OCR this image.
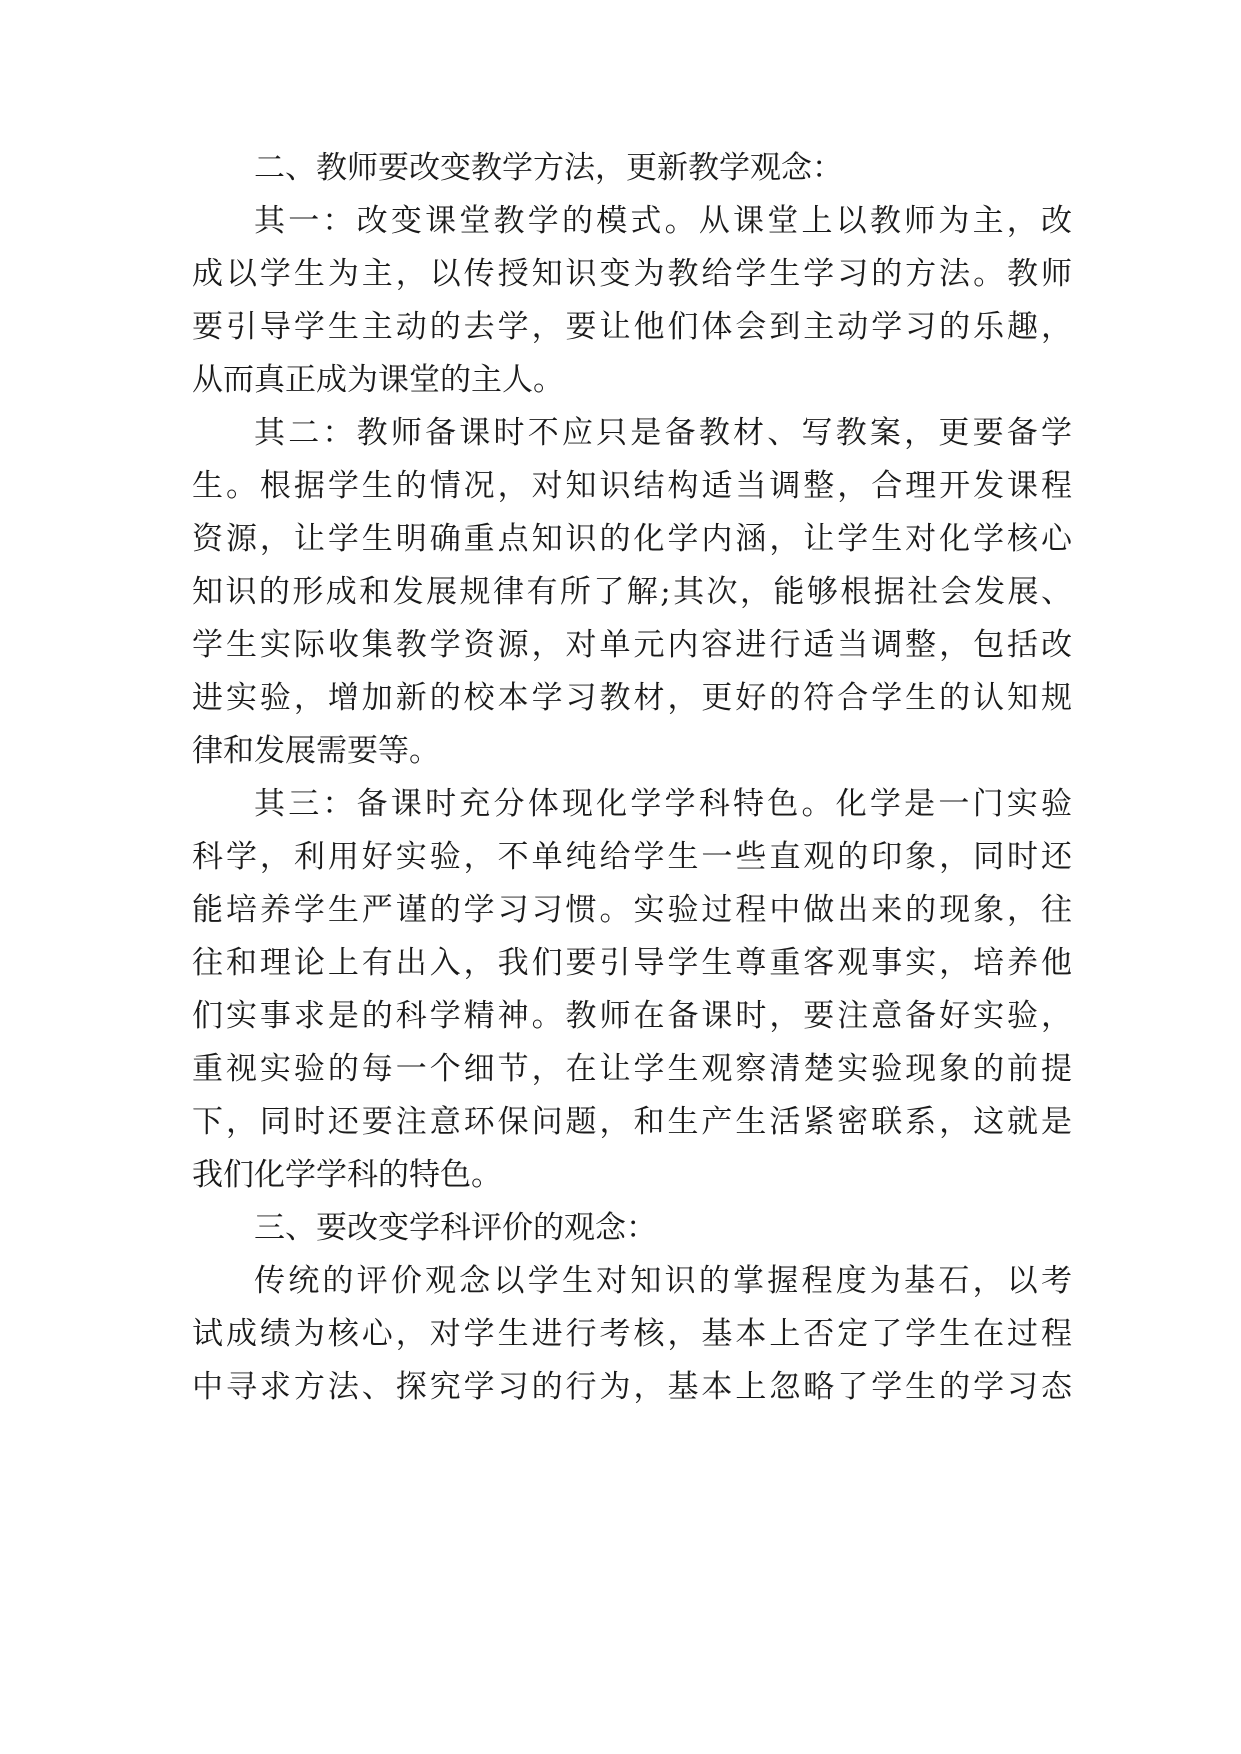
二、教师要改变教学方法，更新教学观念：
其一：改变课堂教学的模式。从课堂上以教师为主，改
成以学生为主，以传授知识变为教给学生学习的方法。教师
要引导学生主动的去学，要让他们体会到主动学习的乐趣，
从而真正成为课堂的主人。
其二：教师备课时不应只是备教材、写教案，更要备学
生。根据学生的情况，对知识结构适当调整，合理开发课程
资源，让学生明确重点知识的化学内涵，让学生对化学核心
知识的形成和发展规律有所了解;其次，能够根据社会发展、
学生实际收集教学资源，对单元内容进行适当调整，包括改
进实验，增加新的校本学习教材，更好的符合学生的认知规
律和发展需要等。
其三：备课时充分体现化学学科特色。化学是一门实验
科学，利用好实验，不单纯给学生一些直观的印象，同时还
能培养学生严谨的学习习惯。实验过程中做出来的现象，往
往和理论上有出入，我们要引导学生尊重客观事实，培养他
们实事求是的科学精神。教师在备课时，要注意备好实验，
重视实验的每一个细节，在让学生观察清楚实验现象的前提
下，同时还要注意环保问题，和生产生活紧密联系，这就是
我们化学学科的特色。
三、要改变学科评价的观念：
传统的评价观念以学生对知识的掌握程度为基石，以考
试成绩为核心，对学生进行考核，基本上否定了学生在过程
中寻求方法、探究学习的行为，基本上忽略了学生的学习态
